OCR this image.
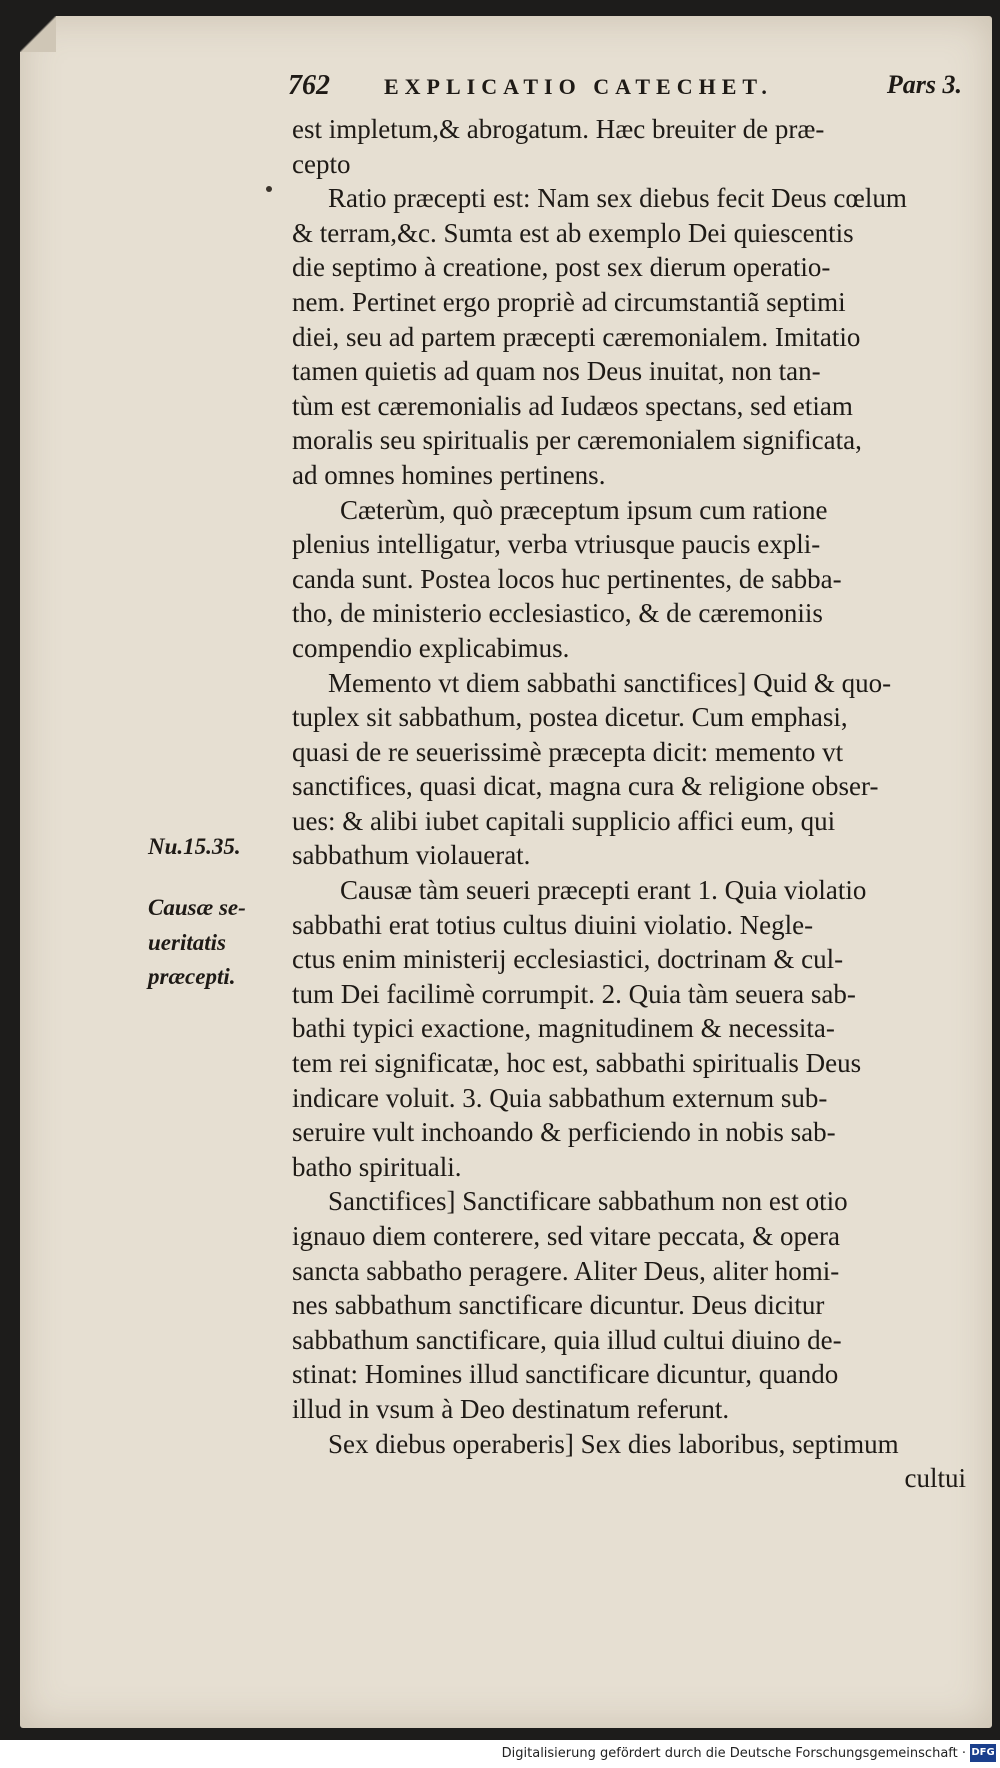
762 EXPLICATIO CATECHET.	Pars 3.
Nu.15.35.
Causæ se-
ueritatis
præcepti.
est impletum,& abrogatum. Hæc breuiter de præ-
cepto
Ratio præcepti est: Nam sex diebus fecit Deus cœlum
& terram,&c. Sumta est ab exemplo Dei quiescentis
die septimo à creatione, post sex dierum operatio-
nem. Pertinet ergo propriè ad circumstantiã septimi
diei, seu ad partem præcepti cæremonialem. Imitatio
tamen quietis ad quam nos Deus inuitat, non tan-
tùm est cæremonialis ad Iudæos spectans, sed etiam
moralis seu spiritualis per cæremonialem significata,
ad omnes homines pertinens.
Cæterùm, quò præceptum ipsum cum ratione
plenius intelligatur, verba vtriusque paucis expli-
canda sunt. Postea locos huc pertinentes, de sabba-
tho, de ministerio ecclesiastico, & de cæremoniis
compendio explicabimus.
Memento vt diem sabbathi sanctifices] Quid & quo-
tuplex sit sabbathum, postea dicetur. Cum emphasi,
quasi de re seuerissimè præcepta dicit: memento vt
sanctifices, quasi dicat, magna cura & religione obser-
ues: & alibi iubet capitali supplicio affici eum, qui
sabbathum violauerat.
Causæ tàm seueri præcepti erant 1. Quia violatio
sabbathi erat totius cultus diuini violatio. Negle-
ctus enim ministerij ecclesiastici, doctrinam & cul-
tum Dei facilimè corrumpit. 2. Quia tàm seuera sab-
bathi typici exactione, magnitudinem & necessita-
tem rei significatæ, hoc est, sabbathi spiritualis Deus
indicare voluit. 3. Quia sabbathum externum sub-
seruire vult inchoando & perficiendo in nobis sab-
batho spirituali.
Sanctifices] Sanctificare sabbathum non est otio
ignauo diem conterere, sed vitare peccata, & opera
sancta sabbatho peragere. Aliter Deus, aliter homi-
nes sabbathum sanctificare dicuntur. Deus dicitur
sabbathum sanctificare, quia illud cultui diuino de-
stinat: Homines illud sanctificare dicuntur, quando
illud in vsum à Deo destinatum referunt.
Sex diebus operaberis] Sex dies laboribus, septimum
cultui
Digitalisierung gefördert durch die Deutsche Forschungsgemeinschaft · DFG
